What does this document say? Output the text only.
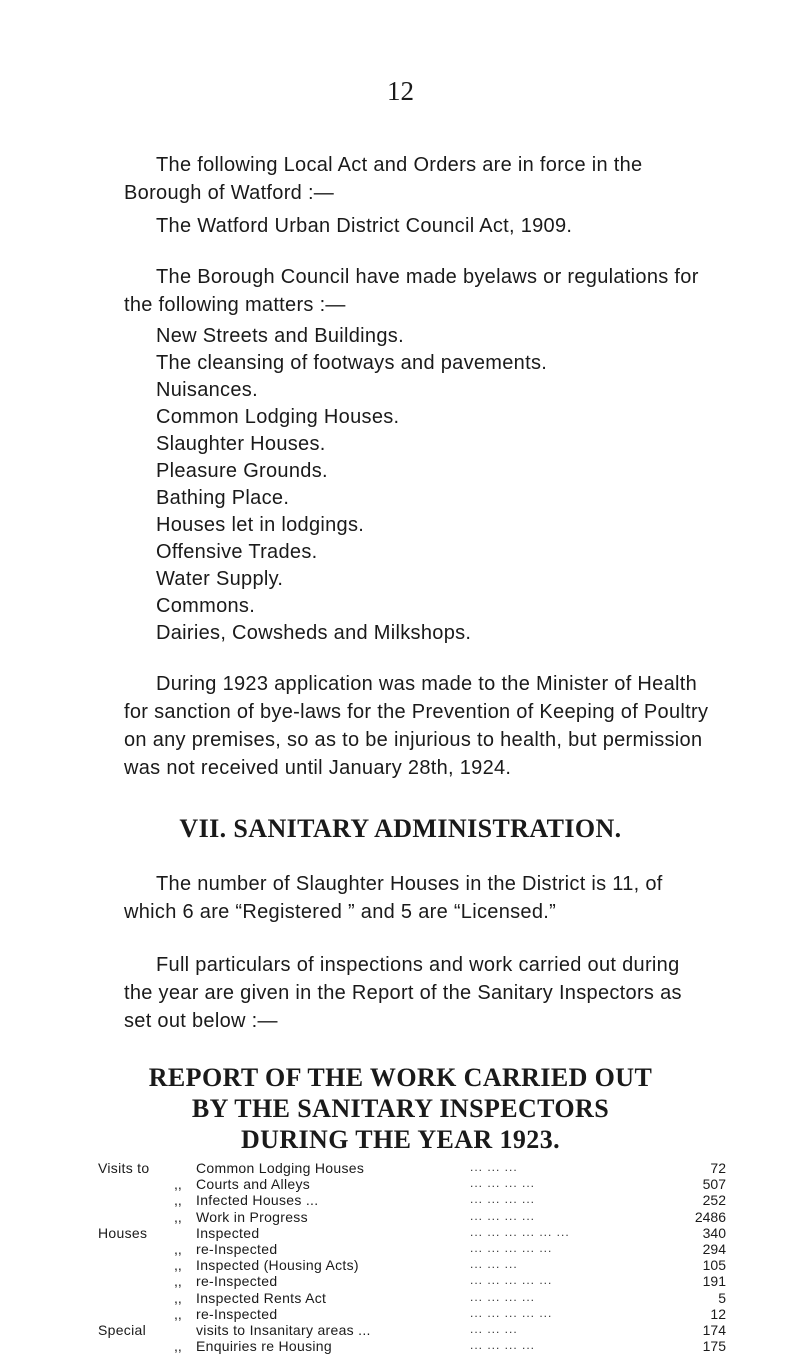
12
The following Local Act and Orders are in force in the
Borough of Watford :—
The Watford Urban District Council Act, 1909.
The Borough Council have made byelaws or regulations for
the following matters :—
New Streets and Buildings.
The cleansing of footways and pavements.
Nuisances.
Common Lodging Houses.
Slaughter Houses.
Pleasure Grounds.
Bathing Place.
Houses let in lodgings.
Offensive Trades.
Water Supply.
Commons.
Dairies, Cowsheds and Milkshops.
During 1923 application was made to the Minister of Health
for sanction of bye-laws for the Prevention of Keeping of Poultry
on any premises, so as to be injurious to health, but permission
was not received until January 28th, 1924.
VII. SANITARY ADMINISTRATION.
The number of Slaughter Houses in the District is 11, of
which 6 are “Registered ” and 5 are “Licensed.”
Full particulars of inspections and work carried out during
the year are given in the Report of the Sanitary Inspectors as
set out below :—
REPORT OF THE WORK CARRIED OUT
BY THE SANITARY INSPECTORS
DURING THE YEAR 1923.
Visits to	Common Lodging Houses	... ... ...	72
,, Courts and Alleys	... ... ... ...	507
,, Infected Houses ...	... ... ... ...	252
,, Work in Progress	... ... ... ...	2486
Houses	Inspected	... ... ... ... ... ...	340
,, re-Inspected	... ... ... ... ...	294
,, Inspected (Housing Acts)	... ... ...	105
,, re-Inspected	... ... ... ... ...	191
,, Inspected Rents Act	... ... ... ...	5
,, re-Inspected	... ... ... ... ...	12
Special	visits to Insanitary areas ...	... ... ...	174
,, Enquiries re Housing	... ... ... ...	175
